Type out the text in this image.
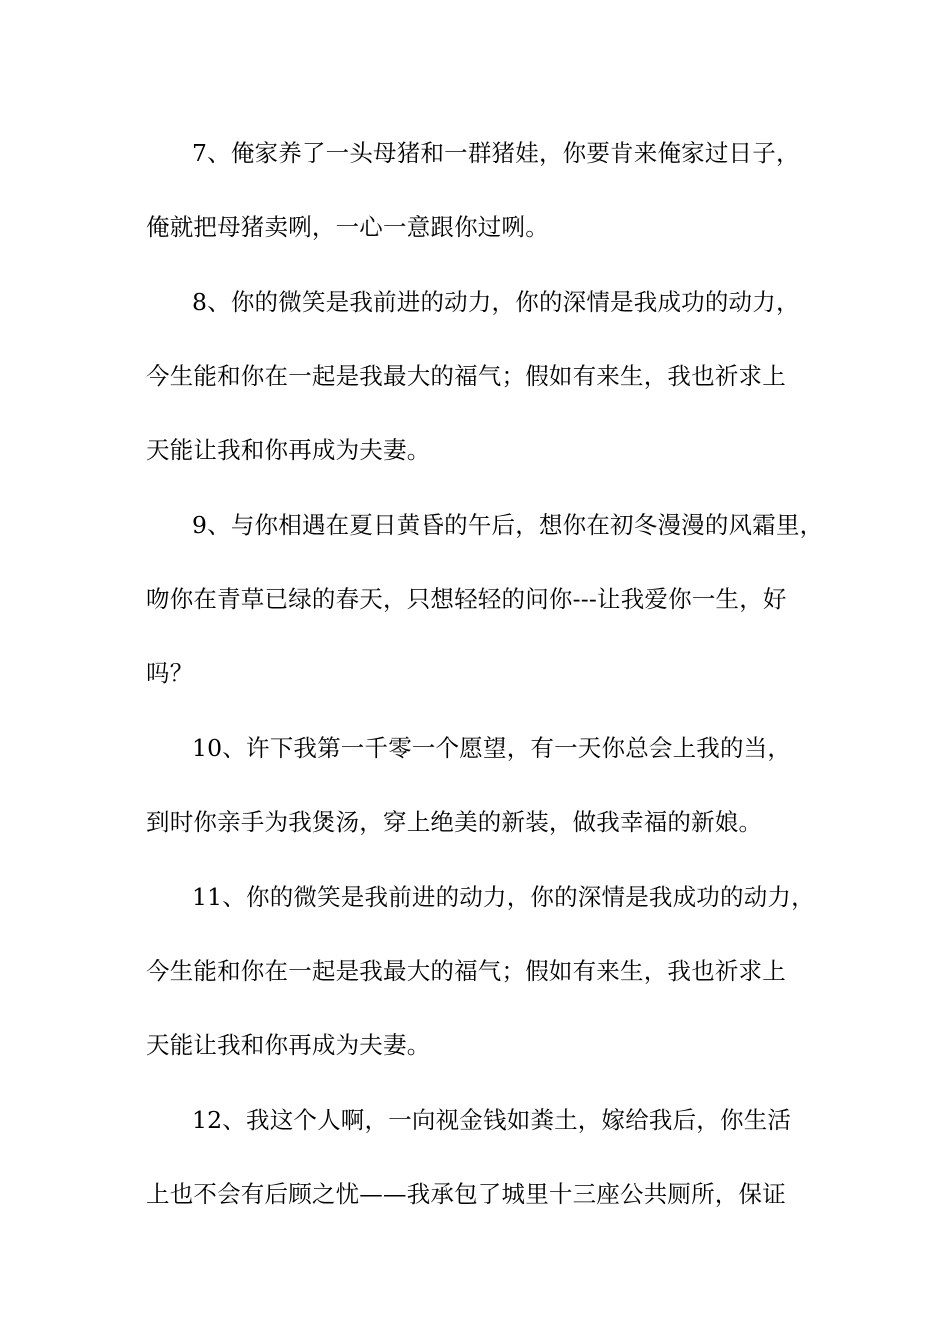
7、俺家养了一头母猪和一群猪娃，你要肯来俺家过日子，
俺就把母猪卖咧，一心一意跟你过咧。
8、你的微笑是我前进的动力，你的深情是我成功的动力，
今生能和你在一起是我最大的福气；假如有来生，我也祈求上
天能让我和你再成为夫妻。
9、与你相遇在夏日黄昏的午后，想你在初冬漫漫的风霜里，
吻你在青草已绿的春天，只想轻轻的问你---让我爱你一生，好
吗？
10、许下我第一千零一个愿望，有一天你总会上我的当，
到时你亲手为我煲汤，穿上绝美的新装，做我幸福的新娘。
11、你的微笑是我前进的动力，你的深情是我成功的动力，
今生能和你在一起是我最大的福气；假如有来生，我也祈求上
天能让我和你再成为夫妻。
12、我这个人啊，一向视金钱如粪土，嫁给我后，你生活
上也不会有后顾之忧——我承包了城里十三座公共厕所，保证
